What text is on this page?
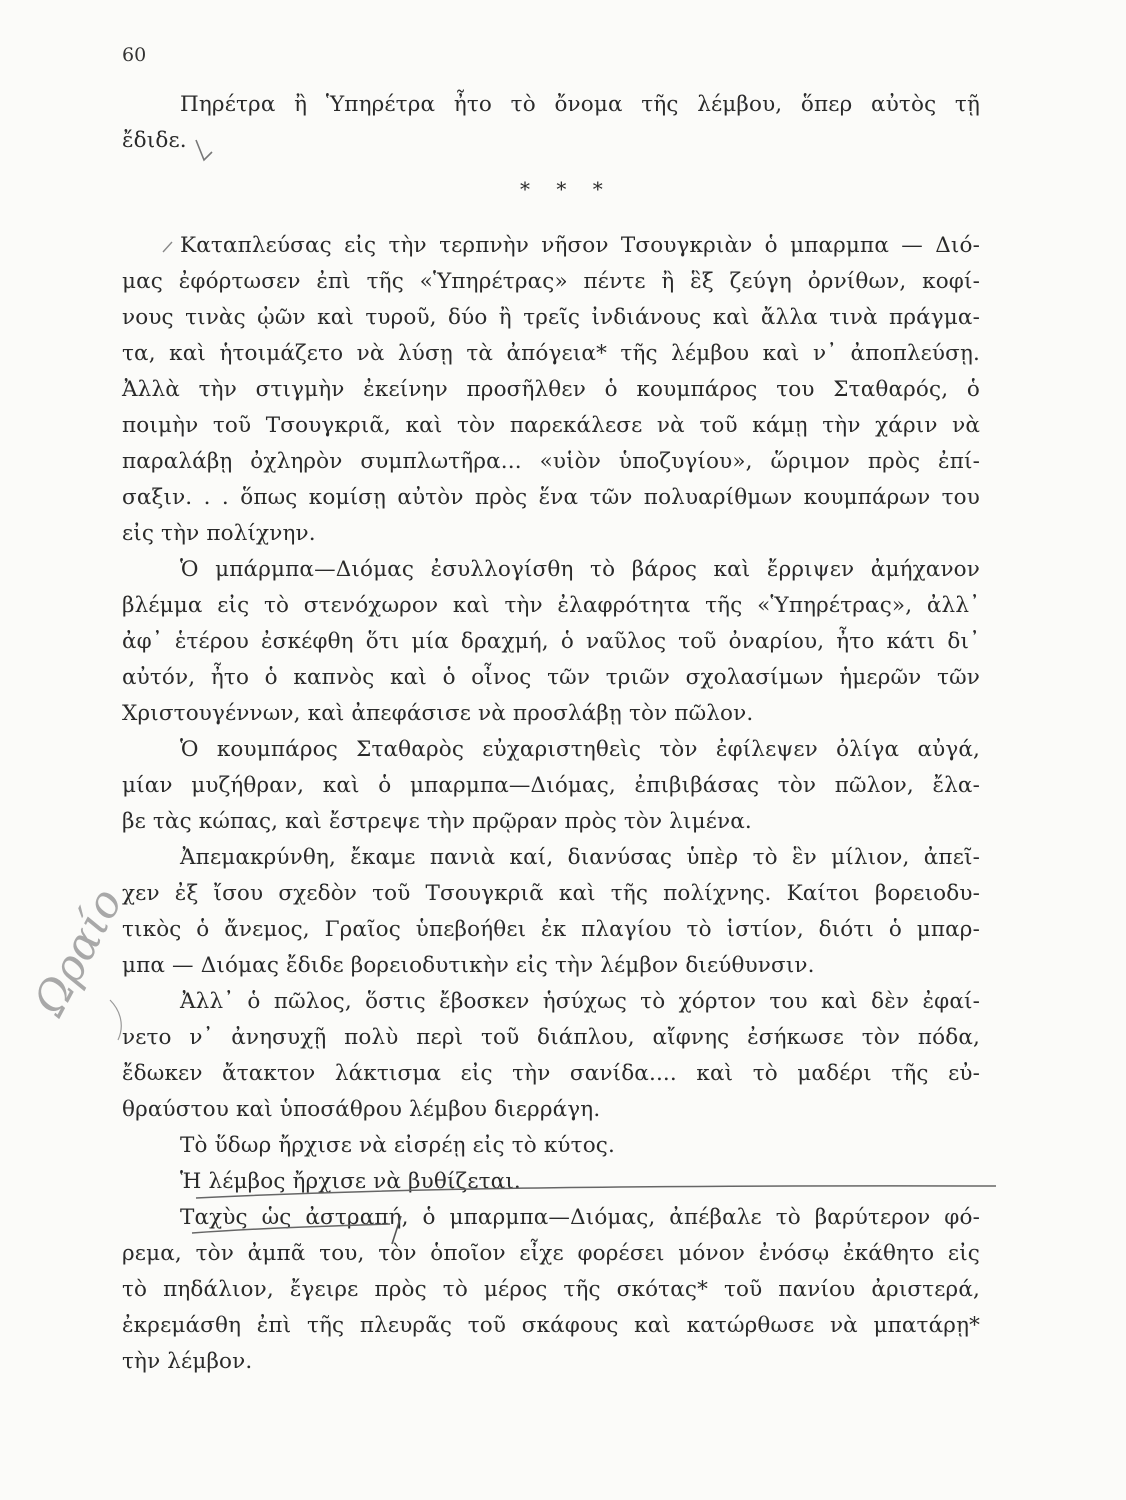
60
Πηρέτρα ἢ Ὑπηρέτρα ἦτο τὸ ὄνομα τῆς λέμβου, ὅπερ αὐτὸς τῇ
ἔδιδε.
* * *
Καταπλεύσας εἰς τὴν τερπνὴν νῆσον Τσουγκριὰν ὁ μπαρμπα — Διό-
μας ἐφόρτωσεν ἐπὶ τῆς «Ὑπηρέτρας» πέντε ἢ ἓξ ζεύγη ὀρνίθων, κοφί-
νους τινὰς ᾠῶν καὶ τυροῦ, δύο ἢ τρεῖς ἰνδιάνους καὶ ἄλλα τινὰ πράγμα-
τα, καὶ ἡτοιμάζετο νὰ λύσῃ τὰ ἀπόγεια* τῆς λέμβου καὶ ν᾽ ἀποπλεύσῃ.
Ἀλλὰ τὴν στιγμὴν ἐκείνην προσῆλθεν ὁ κουμπάρος του Σταθαρός, ὁ
ποιμὴν τοῦ Τσουγκριᾶ, καὶ τὸν παρεκάλεσε νὰ τοῦ κάμῃ τὴν χάριν νὰ
παραλάβῃ ὀχληρὸν συμπλωτῆρα... «υἱὸν ὑποζυγίου», ὥριμον πρὸς ἐπί-
σαξιν. . . ὅπως κομίσῃ αὐτὸν πρὸς ἕνα τῶν πολυαρίθμων κουμπάρων του
εἰς τὴν πολίχνην.
Ὁ μπάρμπα—Διόμας ἐσυλλογίσθη τὸ βάρος καὶ ἔρριψεν ἀμήχανον
βλέμμα εἰς τὸ στενόχωρον καὶ τὴν ἐλαφρότητα τῆς «Ὑπηρέτρας», ἀλλ᾽
ἀφ᾽ ἑτέρου ἐσκέφθη ὅτι μία δραχμή, ὁ ναῦλος τοῦ ὀναρίου, ἦτο κάτι δι᾽
αὐτόν, ἦτο ὁ καπνὸς καὶ ὁ οἶνος τῶν τριῶν σχολασίμων ἡμερῶν τῶν
Χριστουγέννων, καὶ ἀπεφάσισε νὰ προσλάβῃ τὸν πῶλον.
Ὁ κουμπάρος Σταθαρὸς εὐχαριστηθεὶς τὸν ἐφίλεψεν ὀλίγα αὐγά,
μίαν μυζήθραν, καὶ ὁ μπαρμπα—Διόμας, ἐπιβιβάσας τὸν πῶλον, ἔλα-
βε τὰς κώπας, καὶ ἔστρεψε τὴν πρῷραν πρὸς τὸν λιμένα.
Ἀπεμακρύνθη, ἔκαμε πανιὰ καί, διανύσας ὑπὲρ τὸ ἓν μίλιον, ἀπεῖ-
χεν ἐξ ἴσου σχεδὸν τοῦ Τσουγκριᾶ καὶ τῆς πολίχνης. Καίτοι βορειοδυ-
τικὸς ὁ ἄνεμος, Γραῖος ὑπεβοήθει ἐκ πλαγίου τὸ ἱστίον, διότι ὁ μπαρ-
μπα — Διόμας ἔδιδε βορειοδυτικὴν εἰς τὴν λέμβον διεύθυνσιν.
Ἀλλ᾽ ὁ πῶλος, ὅστις ἔβοσκεν ἡσύχως τὸ χόρτον του καὶ δὲν ἐφαί-
νετο ν᾽ ἀνησυχῇ πολὺ περὶ τοῦ διάπλου, αἴφνης ἐσήκωσε τὸν πόδα,
ἔδωκεν ἄτακτον λάκτισμα εἰς τὴν σανίδα.... καὶ τὸ μαδέρι τῆς εὐ-
θραύστου καὶ ὑποσάθρου λέμβου διερράγη.
Τὸ ὕδωρ ἤρχισε νὰ εἰσρέῃ εἰς τὸ κύτος.
Ἡ λέμβος ἤρχισε νὰ βυθίζεται.
Ταχὺς ὡς ἀστραπή, ὁ μπαρμπα—Διόμας, ἀπέβαλε τὸ βαρύτερον φό-
ρεμα, τὸν ἀμπᾶ του, τὸν ὁποῖον εἶχε φορέσει μόνον ἐνόσῳ ἐκάθητο εἰς
τὸ πηδάλιον, ἔγειρε πρὸς τὸ μέρος τῆς σκότας* τοῦ πανίου ἀριστερά,
ἐκρεμάσθη ἐπὶ τῆς πλευρᾶς τοῦ σκάφους καὶ κατώρθωσε νὰ μπατάρῃ*
τὴν λέμβον.
Ωραίο
